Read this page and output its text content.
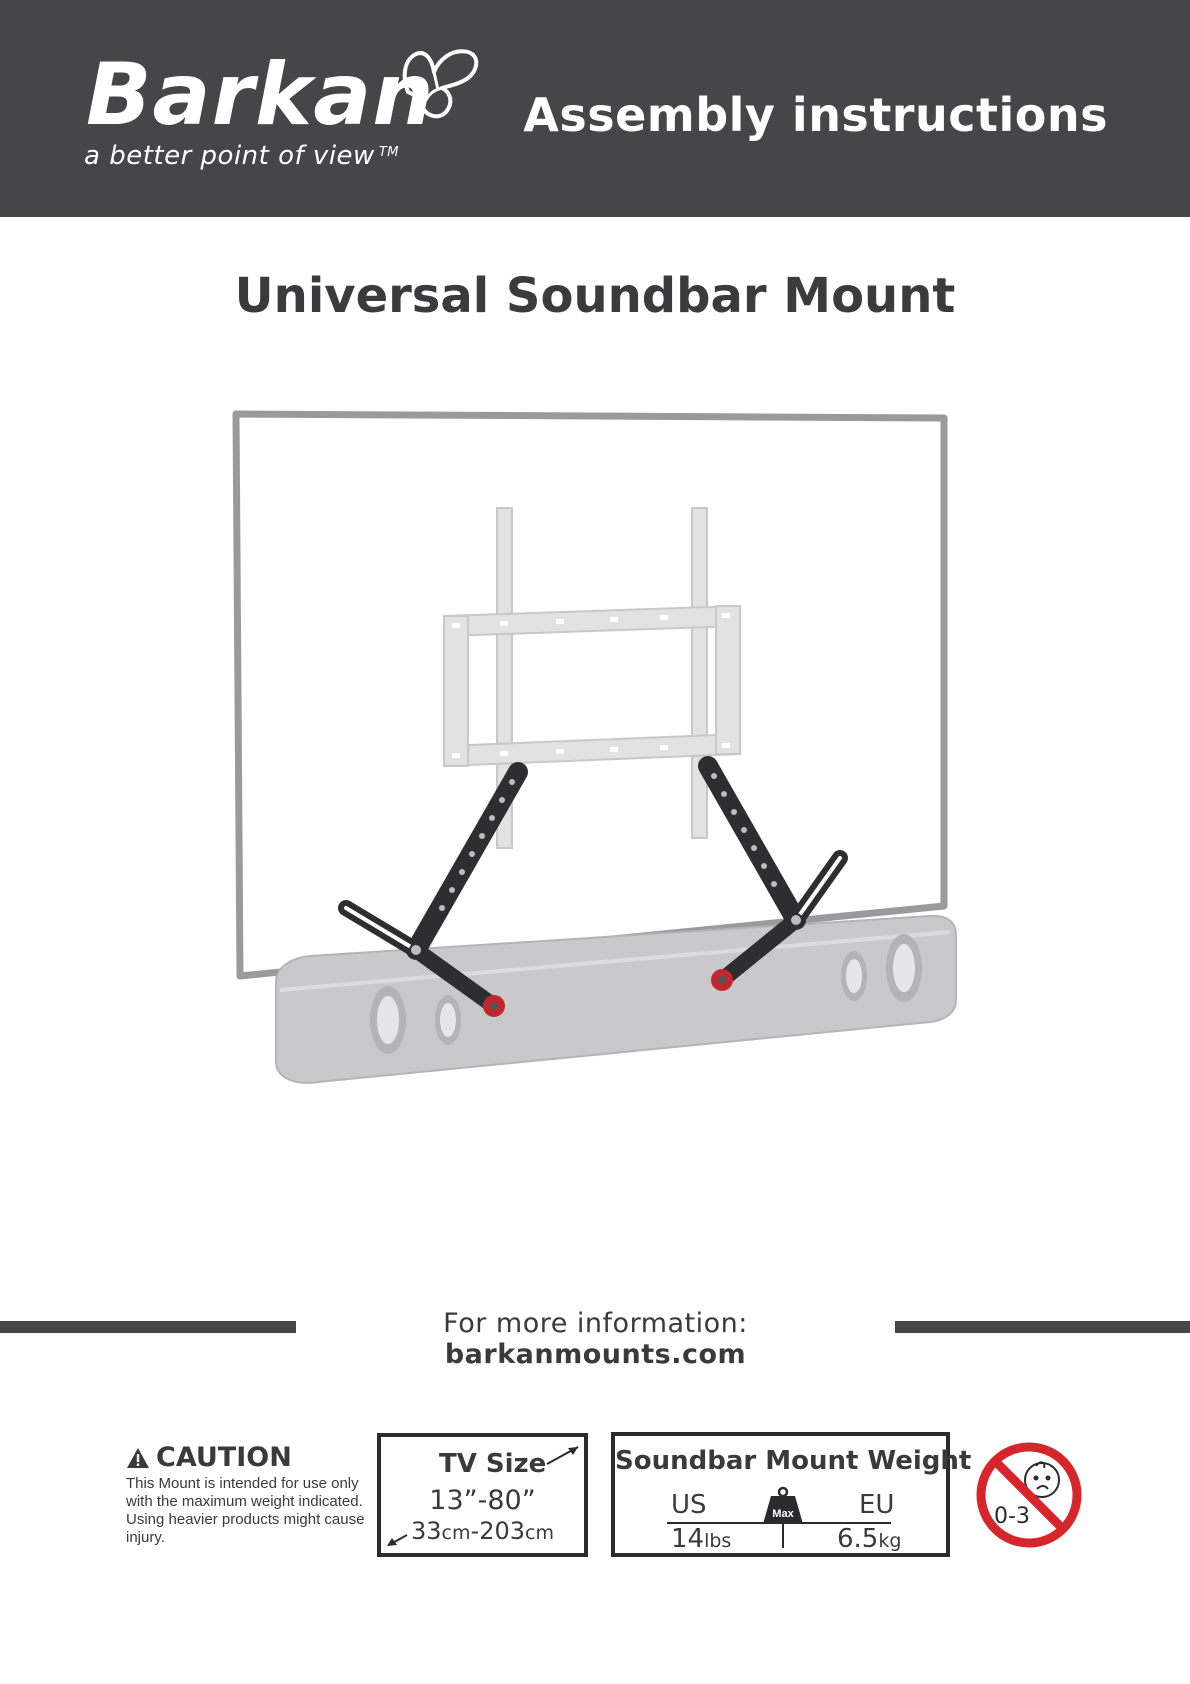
Barkan
a better point of view ™
Assembly instructions
Universal Soundbar Mount
For more information: barkanmounts.com
CAUTION
This Mount is intended for use only with the maximum weight indicated. Using heavier products might cause injury.
TV Size
13”-80”
33cm-203cm
Soundbar Mount Weight
US	Max	EU
14lbs	6.5kg
0-3
